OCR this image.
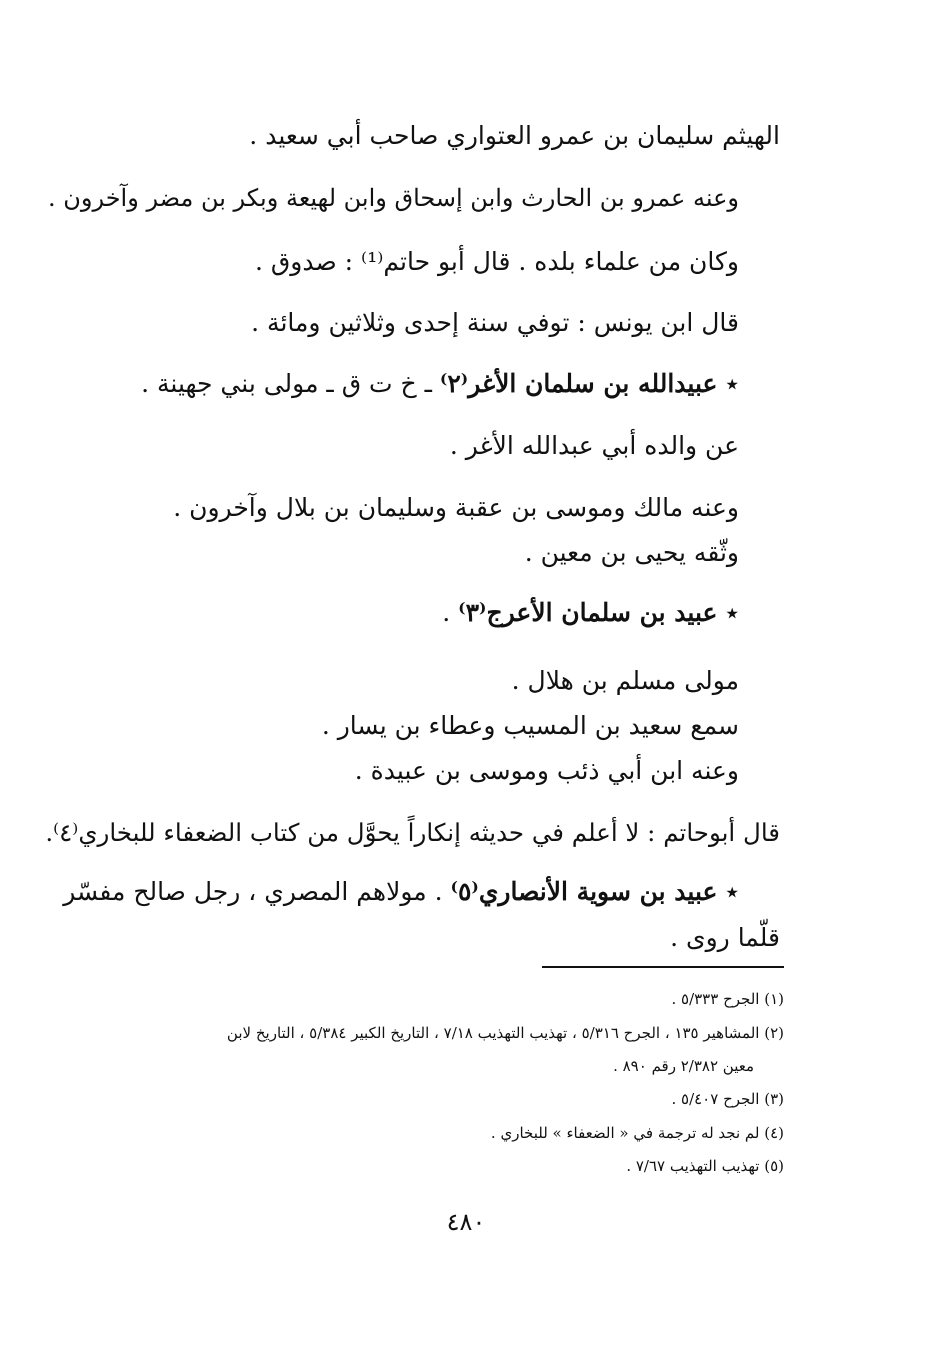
الهيثم سليمان بن عمرو العتواري صاحب أبي سعيد .
وعنه عمرو بن الحارث وابن إسحاق وابن لهيعة وبكر بن مضر وآخرون .
وكان من علماء بلده . قال أبو حاتم⁽¹⁾ : صدوق .
قال ابن يونس : توفي سنة إحدى وثلاثين ومائة .
٭ عبيدالله بن سلمان الأغر⁽٢⁾ ـ خ ت ق ـ مولى بني جهينة .
عن والده أبي عبدالله الأغر .
وعنه مالك وموسى بن عقبة وسليمان بن بلال وآخرون .
وثّقه يحيى بن معين .
٭ عبيد بن سلمان الأعرج⁽٣⁾ .
مولى مسلم بن هلال .
سمع سعيد بن المسيب وعطاء بن يسار .
وعنه ابن أبي ذئب وموسى بن عبيدة .
قال أبوحاتم : لا أعلم في حديثه إنكاراً يحوَّل من كتاب الضعفاء للبخاري⁽٤⁾.
٭ عبيد بن سوية الأنصاري⁽٥⁾ . مولاهم المصري ، رجل صالح مفسّر
قلّما روى .
(١) الجرح ٥/٣٣٣ .
(٢) المشاهير ١٣٥ ، الجرح ٥/٣١٦ ، تهذيب التهذيب ٧/١٨ ، التاريخ الكبير ٥/٣٨٤ ، التاريخ لابن
معين ٢/٣٨٢ رقم ٨٩٠ .
(٣) الجرح ٥/٤٠٧ .
(٤) لم نجد له ترجمة في « الضعفاء » للبخاري .
(٥) تهذيب التهذيب ٧/٦٧ .
٤٨٠
